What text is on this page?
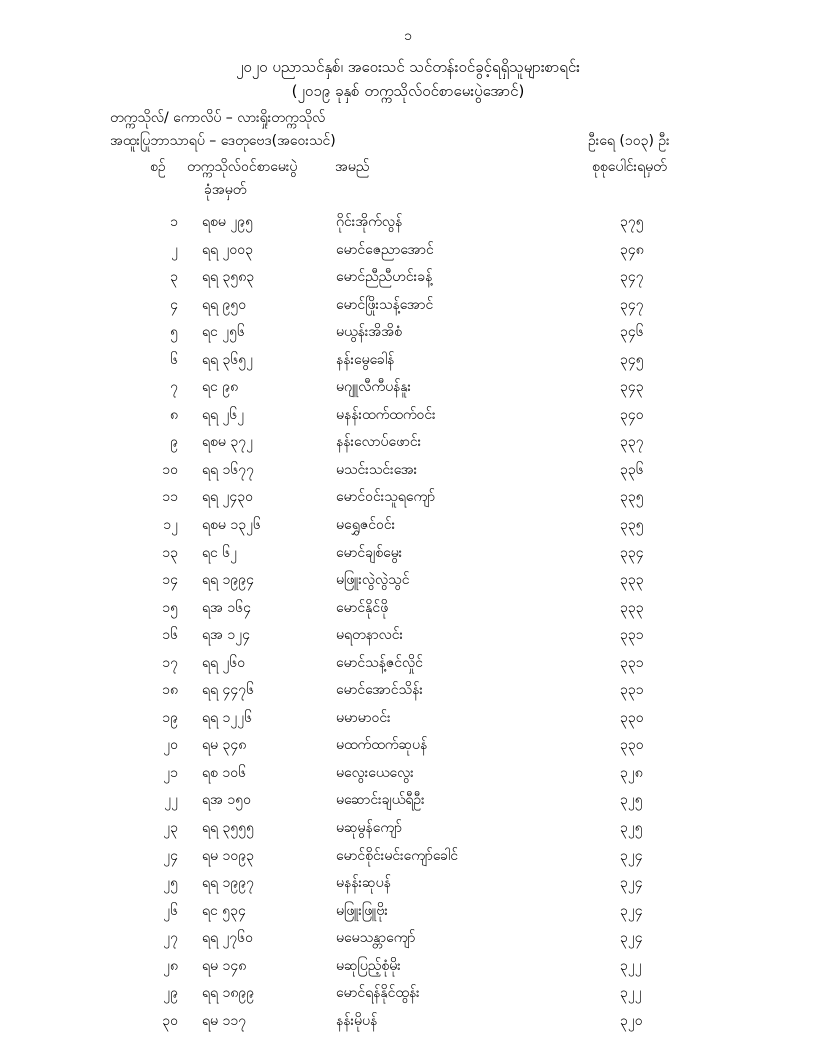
၁
၂၀၂၀ ပညာသင်နှစ်၊ အဝေးသင် သင်တန်းဝင်ခွင့်ရရှိသူများစာရင်း
(၂၀၁၉ ခုနှစ် တက္ကသိုလ်ဝင်စာမေးပွဲအောင်)
တက္ကသိုလ်/ ကောလိပ် – လားရှိုးတက္ကသိုလ်
အထူးပြုဘာသာရပ် – ဒေတုဗေဒ(အဝေးသင်)	ဦးရေ (၁၀၃) ဦး
စဉ် တက္ကသိုလ်ဝင်စာမေးပွဲ
ခုံအမှတ်
အမည်	စုစုပေါင်းရမှတ်
၁ ရစမ ၂၉၅	ဂိုင်းအိုက်လွန်	၃၇၅
၂ ရရ ၂၀၀၃	မောင်ဇေညာအောင်	၃၄၈
၃ ရရ ၃၅၈၃	မောင်ညီညီဟင်းခန့်	၃၄၇
၄ ရရ ၉၅၀	မောင်ဖြိုးသန့်အောင်	၃၄၇
၅ ရင ၂၅၆	မယွန်းအိအိစံ	၃၄၆
၆ ရရ ၃၆၅၂	နန်းမွေခေါန်	၃၄၅
၇ ရင ၉၈	မဂျူလီကီပန်နူး	၃၄၃
၈ ရရ ၂၆၂	မနန်းထက်ထက်ဝင်း	၃၄၀
၉ ရစမ ၃၇၂	နန်းလောပ်ဖောင်း	၃၃၇
၁၀ ရရ ၁၆၇၇	မသင်းသင်းအေး	၃၃၆
၁၁ ရရ ၂၄၃၀	မောင်ဝင်းသူရကျော်	၃၃၅
၁၂ ရစမ ၁၃၂၆	မရွှေဇင်ဝင်း	၃၃၅
၁၃ ရင ၆၂	မောင်ချစ်မွေး	၃၃၄
၁၄ ရရ ၁၉၉၄	မဖြူးလွဲလွဲသွင်	၃၃၃
၁၅ ရအ ၁၆၄	မောင်နိုင်ဖို	၃၃၃
၁၆ ရအ ၁၂၄	မရတနာလင်း	၃၃၁
၁၇ ရရ ၂၆၀	မောင်သန့်ဇင်လှိုင်	၃၃၁
၁၈ ရရ ၄၄၇၆	မောင်အောင်သိန်း	၃၃၁
၁၉ ရရ ၁၂၂၆	မမာမာဝင်း	၃၃၀
၂၀ ရမ ၃၄၈	မထက်ထက်ဆုပန်	၃၃၀
၂၁ ရစ ၁၀၆	မလွေးယေလွေး	၃၂၈
၂၂ ရအ ၁၅၀	မဆောင်းချယ်ရီဦး	၃၂၅
၂၃ ရရ ၃၅၅၅	မဆုမွန်ကျော်	၃၂၅
၂၄ ရမ ၁၀၉၃	မောင်စိုင်းမင်းကျော်ခေါင်	၃၂၄
၂၅ ရရ ၁၉၉၇	မနန်းဆုပန်	၃၂၄
၂၆ ရင ၅၃၄	မဖြူးဖြူဗိုး	၃၂၄
၂၇ ရရ ၂၇၆၀	မမေသန္တာကျော်	၃၂၄
၂၈ ရမ ၁၄၈	မဆုပြည့်စုံမိုး	၃၂၂
၂၉ ရရ ၁၈၉၉	မောင်ရန်နိုင်ထွန်း	၃၂၂
၃၀ ရမ ၁၁၇	နန်းမိုပန်	၃၂၀
